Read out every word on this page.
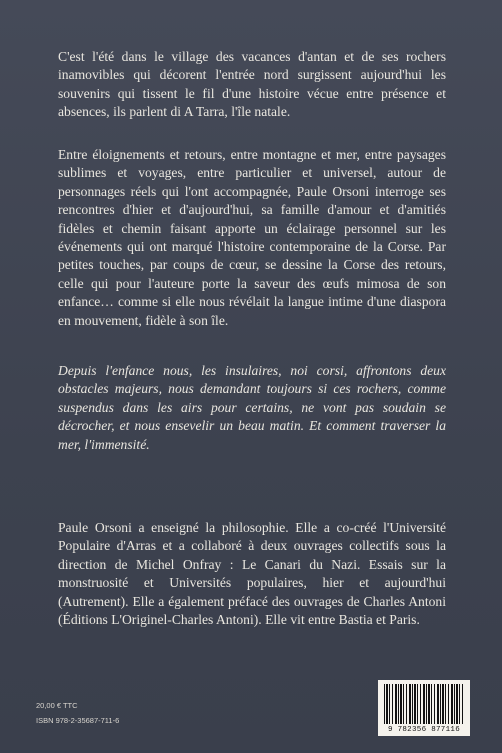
C'est l'été dans le village des vacances d'antan et de ses rochers inamovibles qui décorent l'entrée nord surgissent aujourd'hui les souvenirs qui tissent le fil d'une histoire vécue entre présence et absences, ils parlent di A Tarra, l'île natale.

Entre éloignements et retours, entre montagne et mer, entre paysages sublimes et voyages, entre particulier et universel, autour de personnages réels qui l'ont accompagnée, Paule Orsoni interroge ses rencontres d'hier et d'aujourd'hui, sa famille d'amour et d'amitiés fidèles et chemin faisant apporte un éclairage personnel sur les événements qui ont marqué l'histoire contemporaine de la Corse. Par petites touches, par coups de cœur, se dessine la Corse des retours, celle qui pour l'auteure porte la saveur des œufs mimosa de son enfance… comme si elle nous révélait la langue intime d'une diaspora en mouvement, fidèle à son île.

Depuis l'enfance nous, les insulaires, noi corsi, affrontons deux obstacles majeurs, nous demandant toujours si ces rochers, comme suspendus dans les airs pour certains, ne vont pas soudain se décrocher, et nous ensevelir un beau matin. Et comment traverser la mer, l'immensité.

Paule Orsoni a enseigné la philosophie. Elle a co-créé l'Université Populaire d'Arras et a collaboré à deux ouvrages collectifs sous la direction de Michel Onfray : Le Canari du Nazi. Essais sur la monstruosité et Universités populaires, hier et aujourd'hui (Autrement). Elle a également préfacé des ouvrages de Charles Antoni (Éditions L'Originel-Charles Antoni). Elle vit entre Bastia et Paris.

20,00 € TTC
ISBN 978-2-35687-711-6
9 782356 877116
